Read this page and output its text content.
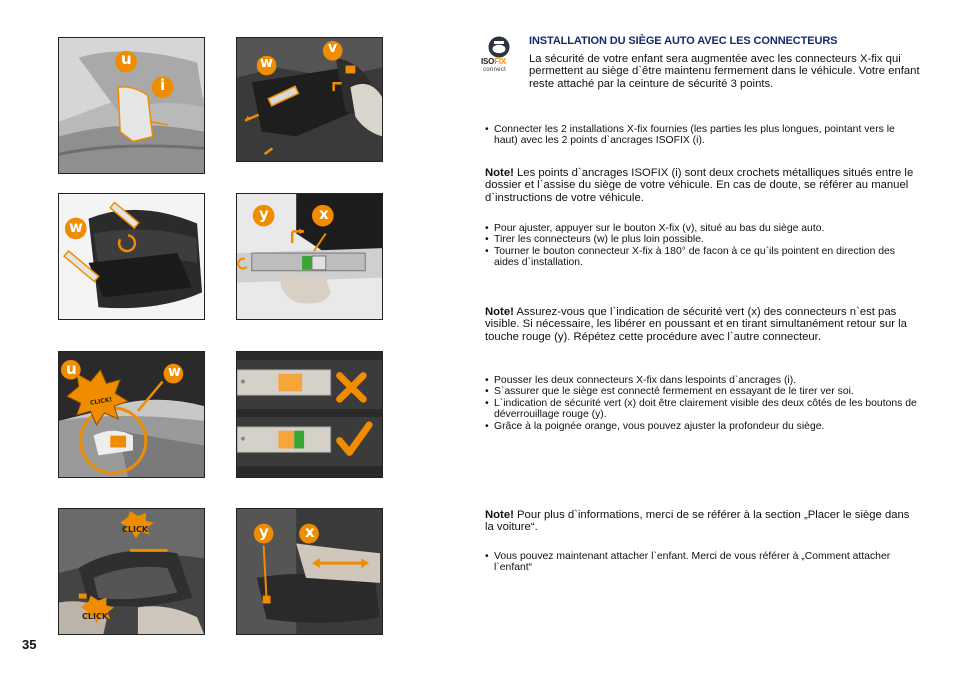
u
i
w
v
w
y	x
u	w
CLICK!
CLICK
CLICK
y x
35
ISOFIX
connect
INSTALLATION DU SIÈGE AUTO AVEC LES CONNECTEURS
La sécurité de votre enfant sera augmentée avec les connecteurs X-fix qui permettent au siège d`être maintenu fermement dans le véhicule. Votre enfant reste attaché par la ceinture de sécurité 3 points.
• Connecter les 2 installations X-fix fournies (les parties les plus longues, pointant vers le haut) avec les 2 points d`ancrages ISOFIX (i).
Note! Les points d`ancrages ISOFIX (i) sont deux crochets métalliques situés entre le dossier et l`assise du siège de votre véhicule. En cas de doute, se référer au manuel d`instructions de votre véhicule.
• Pour ajuster, appuyer sur le bouton X-fix (v), situé au bas du siège auto.
• Tirer les connecteurs (w) le plus loin possible.
• Tourner le bouton connecteur X-fix à 180° de facon à ce qu`ils pointent en direction des aides d`installation.
Note! Assurez-vous que l`indication de sécurité vert (x) des connecteurs n`est pas visible. Si nécessaire, les libérer en poussant et en tirant simultanément retour sur la touche rouge (y). Répétez cette procédure avec l`autre connecteur.
• Pousser les deux connecteurs X-fix dans lespoints d`ancrages (i).
• S`assurer que le siège est connecté fermement en essayant de le tirer ver soi.
• L`indication de sécurité vert (x) doit être clairement visible des deux côtés de les boutons de déverrouillage rouge (y).
• Grâce à la poignée orange, vous pouvez ajuster la profondeur du siège.
Note! Pour plus d`informations, merci de se référer à la section „Placer le siège dans la voiture“.
• Vous pouvez maintenant attacher l`enfant. Merci de vous référer à „Comment attacher l`enfant“
